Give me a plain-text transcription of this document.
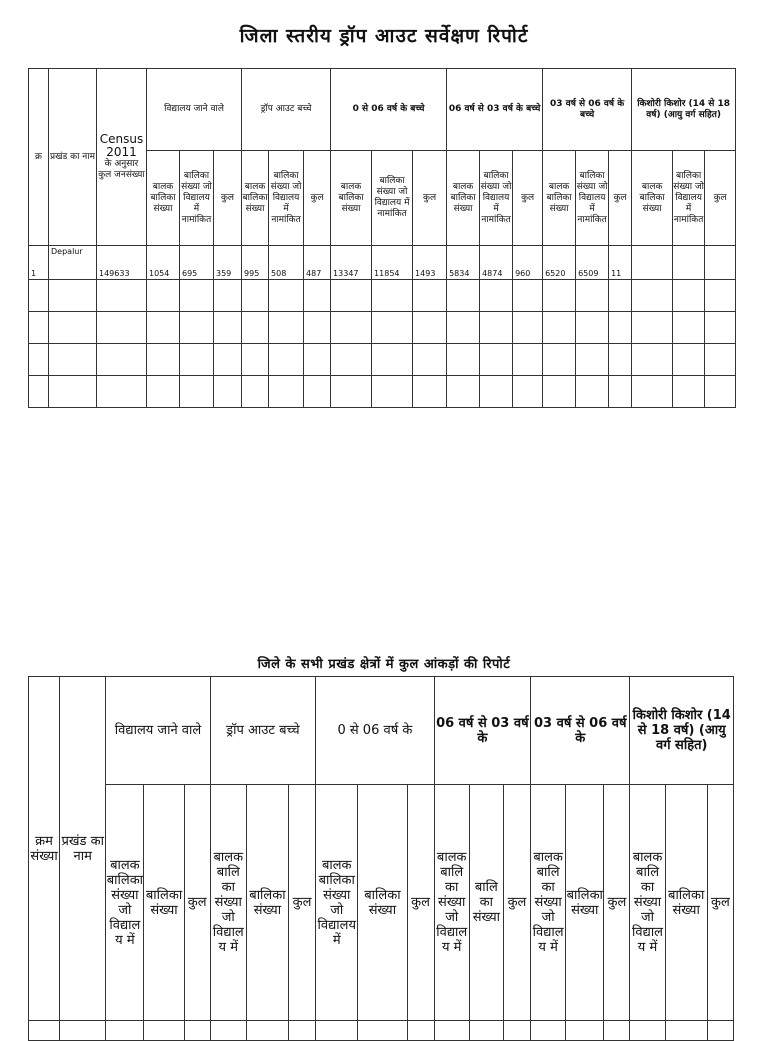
जिला स्तरीय ड्रॉप आउट सर्वेक्षण रिपोर्ट
क्र	प्रखंड का नाम	Census 2011
के अनुसार कुल जनसंख्या	विद्यालय जाने वाले			ड्रॉप आउट बच्चे			0 से 06 वर्ष के बच्चे			06 वर्ष से 03 वर्ष के बच्चे			03 वर्ष से 06 वर्ष के बच्चे			किशोरी किशोर (14 से 18 वर्ष) (आयु वर्ग सहित)		
			बालक बालिका संख्या	बालिका संख्या जो विद्यालय में नामांकित	कुल	बालक बालिका संख्या	बालिका संख्या जो विद्यालय में नामांकित	कुल	बालक बालिका संख्या	बालिका संख्या जो विद्यालय में नामांकित	कुल	बालक बालिका संख्या	बालिका संख्या जो विद्यालय में नामांकित	कुल	बालक बालिका संख्या	बालिका संख्या जो विद्यालय में नामांकित	कुल	बालक बालिका संख्या	बालिका संख्या जो विद्यालय में नामांकित	कुल
1	Depalur	149633	1054	695	359	995	508	487	13347	11854	1493	5834	4874	960	6520	6509	11			

जिले के सभी प्रखंड क्षेत्रों में कुल आंकड़ों की रिपोर्ट
क्रम संख्या	प्रखंड का नाम	विद्यालय जाने वाले			ड्रॉप आउट बच्चे			0 से 06 वर्ष के			06 वर्ष से 03 वर्ष के			03 वर्ष से 06 वर्ष के			किशोरी किशोर (14 से 18 वर्ष) (आयु वर्ग सहित)		
		बालक बालिका संख्या जो विद्यालय में	बालिका संख्या	कुल	बालक बालिका संख्या जो विद्यालय में	बालिका संख्या	कुल	बालक बालिका संख्या जो विद्यालय में	बालिका संख्या	कुल	बालक बालिका संख्या जो विद्यालय में	बालिका संख्या	कुल	बालक बालिका संख्या जो विद्यालय में	बालिका संख्या	कुल	बालक बालिका संख्या जो विद्यालय में	बालिका संख्या	कुल
